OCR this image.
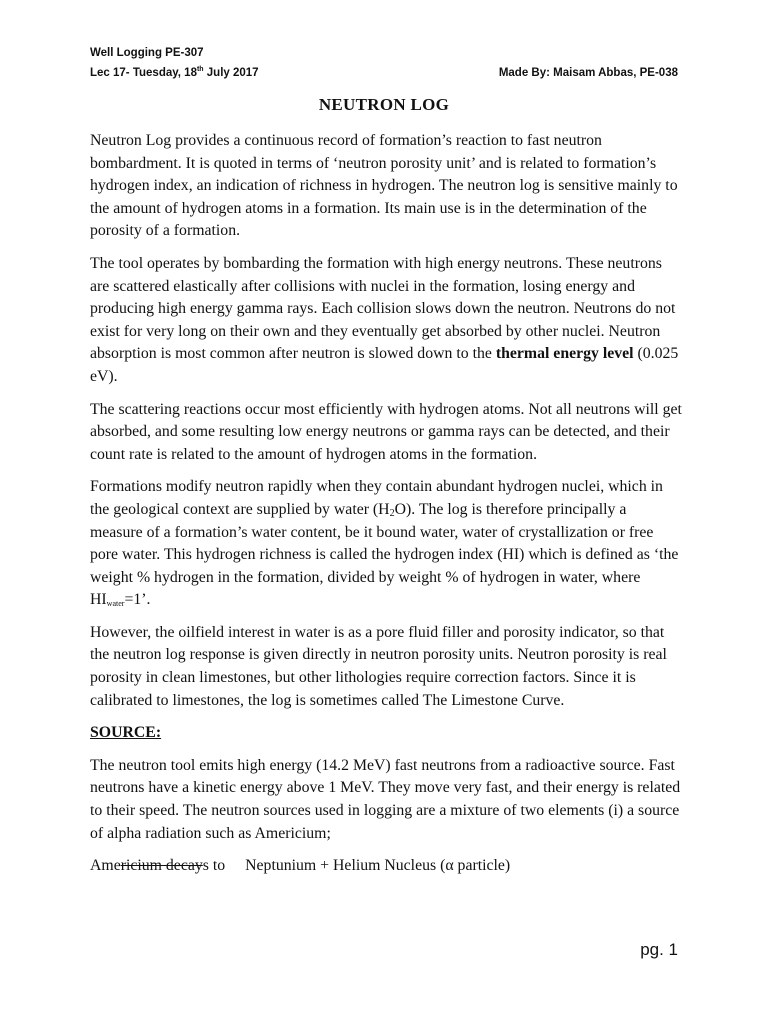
Well Logging PE-307
Lec 17- Tuesday, 18th July 2017	Made By: Maisam Abbas, PE-038
NEUTRON LOG

Neutron Log provides a continuous record of formation’s reaction to fast neutron bombardment. It is quoted in terms of ‘neutron porosity unit’ and is related to formation’s hydrogen index, an indication of richness in hydrogen. The neutron log is sensitive mainly to the amount of hydrogen atoms in a formation. Its main use is in the determination of the porosity of a formation.

The tool operates by bombarding the formation with high energy neutrons. These neutrons are scattered elastically after collisions with nuclei in the formation, losing energy and producing high energy gamma rays. Each collision slows down the neutron. Neutrons do not exist for very long on their own and they eventually get absorbed by other nuclei. Neutron absorption is most common after neutron is slowed down to the thermal energy level (0.025 eV).

The scattering reactions occur most efficiently with hydrogen atoms. Not all neutrons will get absorbed, and some resulting low energy neutrons or gamma rays can be detected, and their count rate is related to the amount of hydrogen atoms in the formation.

Formations modify neutron rapidly when they contain abundant hydrogen nuclei, which in the geological context are supplied by water $(H_2O)$. The log is therefore principally a measure of a formation’s water content, be it bound water, water of crystallization or free pore water. This hydrogen richness is called the hydrogen index (HI) which is defined as ‘the weight % hydrogen in the formation, divided by weight % of hydrogen in water, where HIwater=1’.

However, the oilfield interest in water is as a pore fluid filler and porosity indicator, so that the neutron log response is given directly in neutron porosity units. Neutron porosity is real porosity in clean limestones, but other lithologies require correction factors. Since it is calibrated to limestones, the log is sometimes called The Limestone Curve.

SOURCE:

The neutron tool emits high energy (14.2 MeV) fast neutrons from a radioactive source. Fast neutrons have a kinetic energy above 1 MeV. They move very fast, and their energy is related to their speed. The neutron sources used in logging are a mixture of two elements (i) a source of alpha radiation such as Americium;

Americium decays to Neptunium + Helium Nucleus (α particle)
pg. 1
